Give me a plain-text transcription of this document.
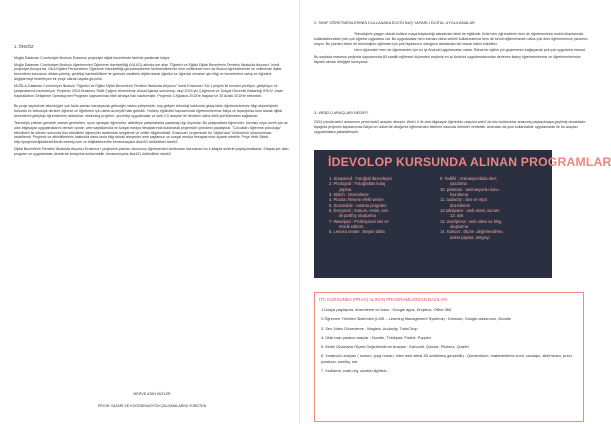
1. ÖNSÖZ

Muğla Dalaman Cumhuriyet İlkokulu Erasmus projesiyle dijital becerilerde farklılık yaratmak istiyor.

Muğla Dalaman Cumhuriyet İlkokulu öğretmenleri Öğrenme Hareketliliği (KA101) altında yer alan "Öğretici ve Eğitici Dijital Becerilerin Temelini İlkokulda Atıyoruz" isimli projesiyle Avrupa'da, Okul Eğitimi Personelinin Öğrenme Hareketliliği gerçekleştirerek hemkendilerinde hem velilerinde hem de İlkokul öğrencilerinde ve velilerinde dijital becerilerin konusunu dikkat çekmiş; yenilikçi hareketlilikleri ile gelecek nesillerin dijital olarak öğretici ve öğrenici olmaları için bilgi ve becerilerine sahip ve öğretimi değiştirmeyi hedefleyen bir proje olarak hayata geçirildi.

MUĞLA-Dalaman Cumhuriyet İlkokulu "Öğretici ve Eğitici Dijital Becerilerin Temelini İlkokulda Atıyoruz" isimli Erasmus+ KA 1 projesi ile kendini yeniliyor, geliştiriyor ve çalışmalarına hazırlanıyor. Projemiz 2015 Erasmus Teklif Çağrısı döneminde Ulusal Ajansa sunulmuş; olup 2015 yılı Çağrısına ve Sosyal Güvenlik Bakanlığı IPA IV. İnsan Kaynaklarını Geliştirme Operasyonel Programı kapsamında hibe almaya hak kazanmıştır. Projemiz 1 Ağustos 2015'te başladı ve 30 Aralık 2015'te bitecektir.

Bu proje sayesinde teknolojiyle çok fazla zaman harcayacak geleceğin insanı yetişmekte; hoş gelişen teknoloji hakkında geçiş-farklı öğretmenlerimiz bilgi alışverişinde bulundu ve teknolojik dersleri öğrenci ve öğretmen için daha da keyifli hale getirdik. Yurtdışı eğitimleri kapsamında öğretmenlerimiz İtalya ve İspanya'da kurs alarak dijital becerilerini geliştirip öğrencilerine aktardılar; etwinning projeleri, çevrimiçi uygulamalar ve web 2.0 araçları ile derslerin daha etkili yürütülmesini sağladılar.

Teknolojik çıktıları genelde zaman gerektiren, oyun oynayan öğrenciler, aktiviteye çalışmalarda yaşamayı ilgi duydular. Bu çalışmalarla öğrenciler, ücretsiz veya ücreti çok az olan bilgisayar uygulamalarını dersler içinde, web sayfalarında ve sosyal medya hesaplarında kullanarak projemizin çıktılarını paylaştılar. "Çocukları öğrenme yolculuğu" etkinlikleri ile dönem sonunda tüm etkinlikler öğrenciler tarafından sergilendi ve veliler bilgilendirildi. Erasmus+ projemizde bir "dijital okul" kültürünün oluşturulması hedeflendi. Projemiz ve etkinliklerimiz hakkında daha fazla bilgi almak isteyenler web sayfamızı ve sosyal medya hesaplarımızı ziyaret edebilir. Proje Web Sitesi: http://projemizdijitalbecerilerdir.weebly.com ve #dijitalbeceriler #erasmusplus #ka101 #etkinlikler #web2

Dijital Becerilerin Temelini İlkokulda Atıyoruz Erasmus+ projesinin çıktıları okulumuz öğretmenleri tarafından hazırlanan bu e-kitapta sizlerle paylaşılmaktadır. Kitapta yer alan program ve uygulamalar derslerde kolaylıkla kullanılabilir. #erasmusplus #ka101 #etkinlikler #web2

MERVE ATAN İKİZLER
PROJE YAZARI VE KOORDİNASYON ÇALIŞMALARINI YÜRÜTEN
2. SINIF ÖĞRETMENLERİNİN KULLANABİLECEĞİ BAŞ YAPARLI DİJİTAL UYGULAMALAR

Teknolojinin yaygın olarak kullanıl maya başlandığı alanlardan birisi de eğitimdir. Artık hem öğrencilerin hem de öğretmenlerin mobil cihazlarında kullanabilecekleri pek çok öğretici uygulama var. Bu uygulamalar hem zamanı daha verimli kullanmamıza hem de kendi eğitimimizden daha çok ders öğrenmemize yardımcı oluyor. Bu yüzden bizler de teknolojinin eğitimsel için pek faydasının olduğunu alanlardan biri olarak kabul edebiliriz.

Hem öğrenciler hem de öğretmenler için en iyi Android uygulamaları varlar. Rahat bir eğitim yılı geçirmenizi sağlayacak pek çok uygulama mevcut.

Bu sayfada erasmus projemiz kapsamında 80 saatlik eğitimsel ölçümden seçilmiş en iyi Android uygulamalarından derlenen listeyi öğretmenlerimiz ve öğretmenlerimize faydalı olması dileğiyle sunuyoruz.

3. WEB2.0 ARAÇLARI NEDİR?
2004 yılında web1 anlamının yerini web2 araçları almıştır. Web1.0 ile ana bilgisayar öğelerinin ulaşılım web2 de tüm kullanıcılar arasında paylaşılmaya geçilmiş olmaktadır. Aşağıda projemiz kapsamında İtalya'nın Udine'de aldığımız eğitimlerden listelere basında örnekler verilebilir. Ardından da yine kullanılabilir uygulamaları ile bu araçları uygulamalara yakalattmıştır.
İDEVOLOP KURSUNDA ALINAN PROGRAMLAR
1. Snapseed : Fotoğraf düzenleyici
2. Photogrid : Fotoğraftan kolaj
yapma
3. Skitch : Düzenleme
4. Picasa :Resme efekt verme
5. Scannable : tarama programı
6. Everynoti : Sunum, resim, ses
ile portföy oluşturma
7. Wavepad : Profesyonel ses ve
müzik editörü
8. Lenoso create : Beyan tahta
9. Tedfilé : Animasyonlarla ders
yazdırma
10. powtoon : animasyonlu sunu
hazırlama
11. audacity : Ses ve mp3
düzenleme
12.wikispace : web sitesi, sunum
13. ünit
13. wordpress : web sitesi ve blog
oluşturma
14. Kahoot : ölçme ,değerlendirme,
anket yapma, öntgrup
İTC KURSUNDA (PRAG) ALINAN PROGRAMLARDAN BAZILARI
1.Dosya paylaşma, düzenleme ve fotoo : Google apps, Dropbox, Office 365
2.Öğrenme Yönetim Sistemleri (LMS – Learning Management Systems) : Edmodo, Google classroom, Moodle
3. Sev-Video Düzenleme : Magisto, Audacity, TubeChop
4. Ufak bazı yaratıcı araçlar : Doodle, Thinkpad, Padlet, Popplet
5. Mobil Cihazlarla Ölçme Değerlendirme Araçları : Kahootit, Quizizz, Plickers, Quizlet
6. Yaratıcılık araçları ( sunum, çizgi roman, ödev web sitesi 3D anlatılmış gerçeklik) : Quiverxision, makesbelieve.cumi, cloudqio, slide'sharo, prezi, powtoon, weebly, wix
7. Kodlama: code.org, scratch,lightbot...
